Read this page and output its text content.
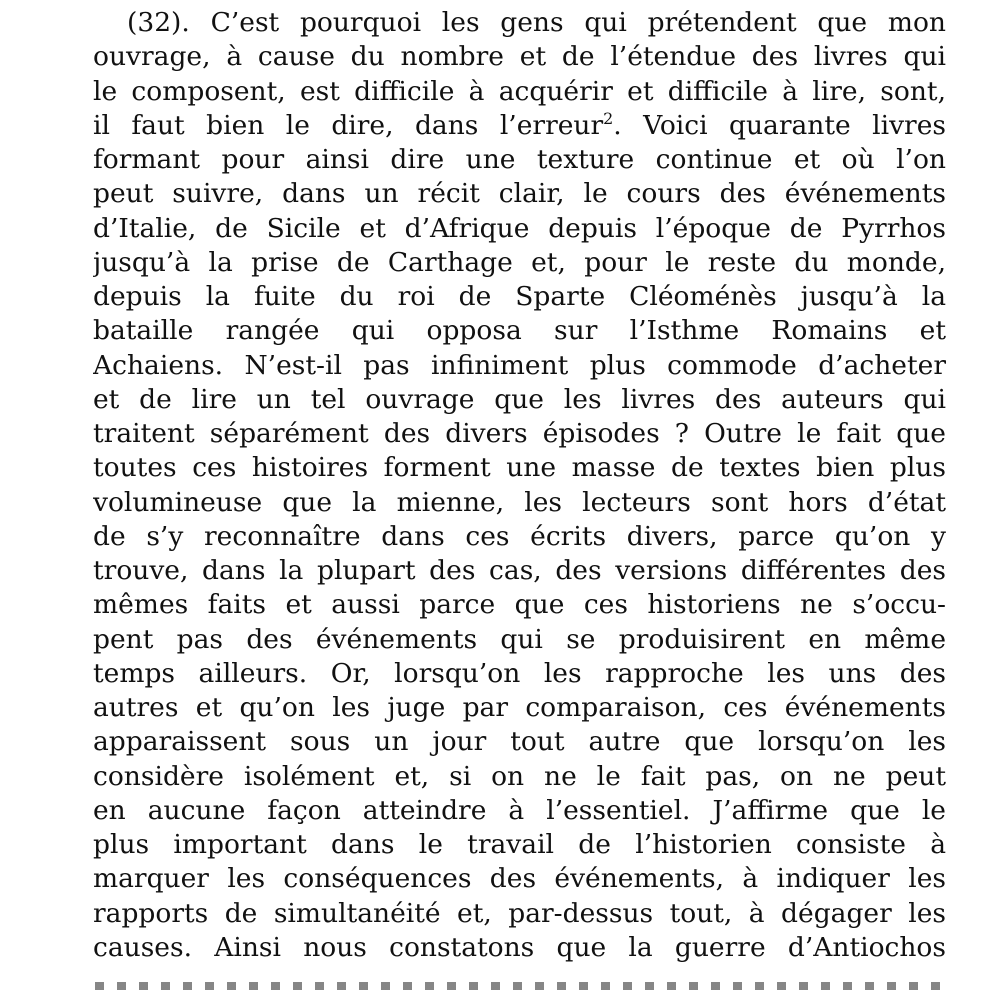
(32). C’est pourquoi les gens qui prétendent que mon
ouvrage, à cause du nombre et de l’étendue des livres qui
le composent, est difficile à acquérir et difficile à lire, sont,
il faut bien le dire, dans l’erreur$^2$. Voici quarante livres
formant pour ainsi dire une texture continue et où l’on
peut suivre, dans un récit clair, le cours des événements
d’Italie, de Sicile et d’Afrique depuis l’époque de Pyrrhos
jusqu’à la prise de Carthage et, pour le reste du monde,
depuis la fuite du roi de Sparte Cléoménès jusqu’à la
bataille rangée qui opposa sur l’Isthme Romains et
Achaiens. N’est-il pas infiniment plus commode d’acheter
et de lire un tel ouvrage que les livres des auteurs qui
traitent séparément des divers épisodes ? Outre le fait que
toutes ces histoires forment une masse de textes bien plus
volumineuse que la mienne, les lecteurs sont hors d’état
de s’y reconnaître dans ces écrits divers, parce qu’on y
trouve, dans la plupart des cas, des versions différentes des
mêmes faits et aussi parce que ces historiens ne s’occu-
pent pas des événements qui se produisirent en même
temps ailleurs. Or, lorsqu’on les rapproche les uns des
autres et qu’on les juge par comparaison, ces événements
apparaissent sous un jour tout autre que lorsqu’on les
considère isolément et, si on ne le fait pas, on ne peut
en aucune façon atteindre à l’essentiel. J’affirme que le
plus important dans le travail de l’historien consiste à
marquer les conséquences des événements, à indiquer les
rapports de simultanéité et, par-dessus tout, à dégager les
causes. Ainsi nous constatons que la guerre d’Antiochos
